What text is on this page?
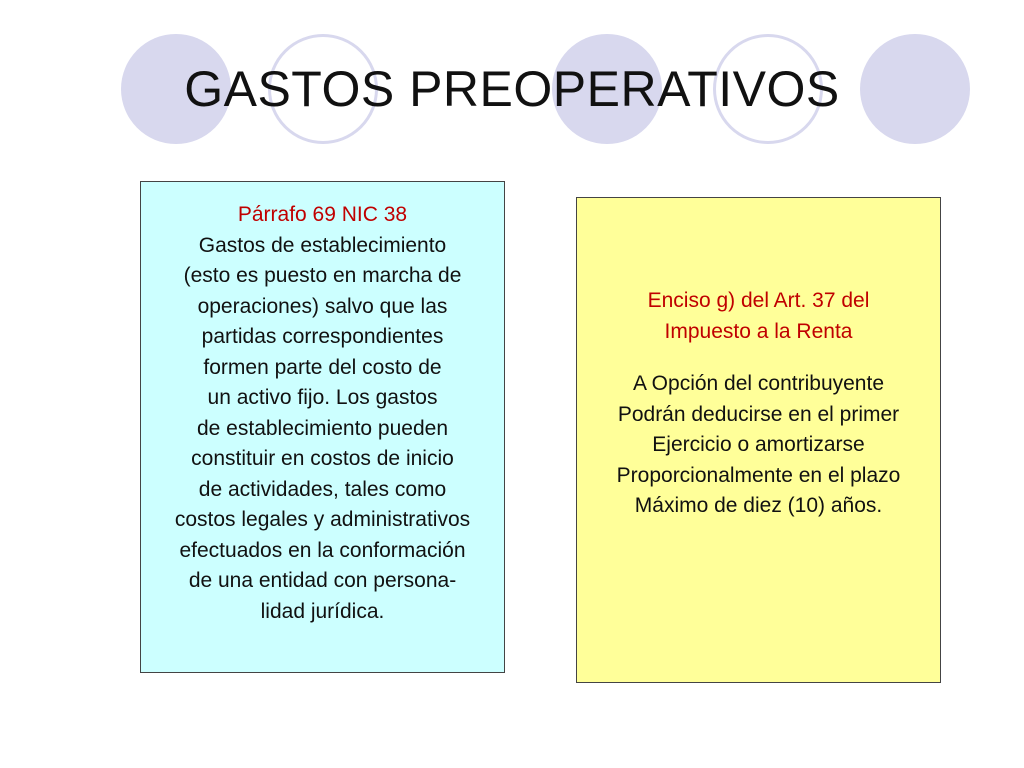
GASTOS PREOPERATIVOS
Párrafo 69 NIC 38
Gastos de establecimiento
(esto es puesto en marcha de
operaciones) salvo que las
partidas correspondientes
formen parte del costo de
un activo fijo. Los gastos
de establecimiento pueden
constituir en costos de inicio
de actividades, tales como
costos legales y administrativos
efectuados en la conformación
de una entidad con persona-
lidad jurídica.
Enciso g) del Art. 37 del
Impuesto a la Renta
A Opción del contribuyente
Podrán deducirse en el primer
Ejercicio o amortizarse
Proporcionalmente en el plazo
Máximo de diez (10) años.
